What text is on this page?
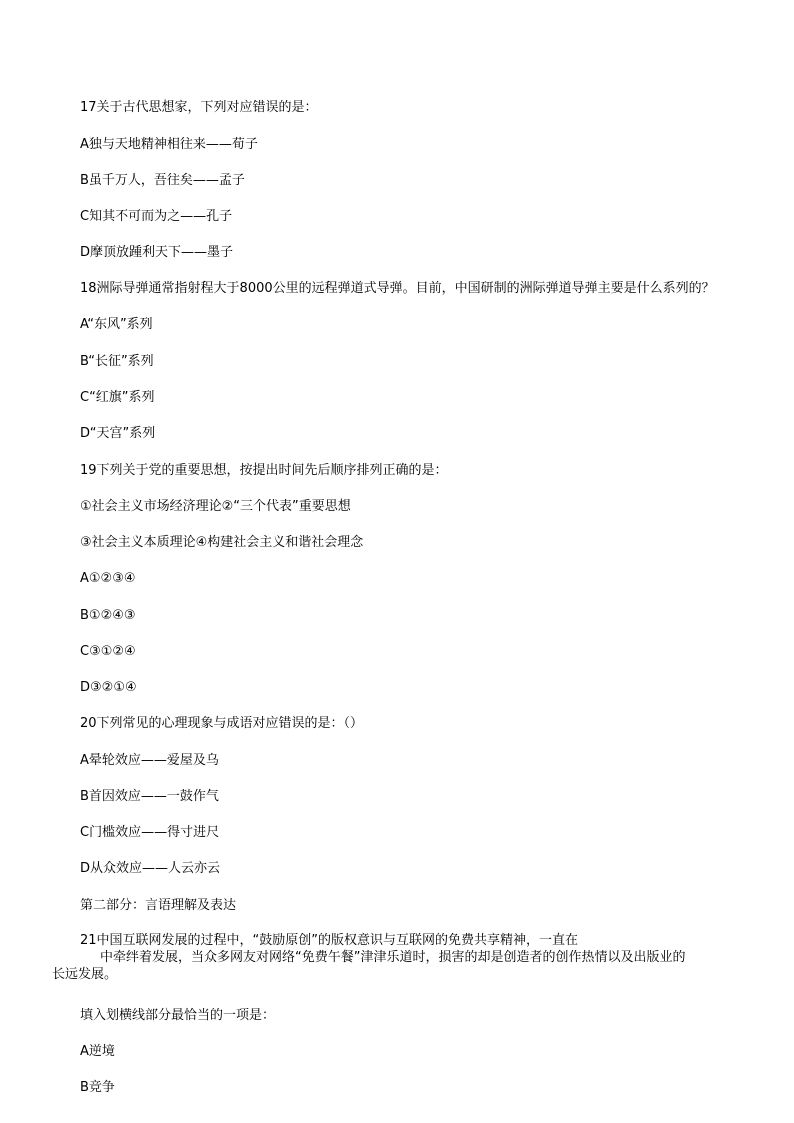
17关于古代思想家，下列对应错误的是：
A独与天地精神相往来——荀子
B虽千万人，吾往矣——孟子
C知其不可而为之——孔子
D摩顶放踵利天下——墨子
18洲际导弹通常指射程大于8000公里的远程弹道式导弹。目前，中国研制的洲际弹道导弹主要是什么系列的？
A“东风”系列
B“长征”系列
C“红旗”系列
D“天宫”系列
19下列关于党的重要思想，按提出时间先后顺序排列正确的是：
①社会主义市场经济理论②“三个代表”重要思想
③社会主义本质理论④构建社会主义和谐社会理念
A①②③④
B①②④③
C③①②④
D③②①④
20下列常见的心理现象与成语对应错误的是：（）
A晕轮效应——爱屋及乌
B首因效应——一鼓作气
C门槛效应——得寸进尺
D从众效应——人云亦云
第二部分：言语理解及表达
21中国互联网发展的过程中，“鼓励原创”的版权意识与互联网的免费共享精神，一直在
中牵绊着发展，当众多网友对网络“免费午餐”津津乐道时，损害的却是创造者的创作热情以及出版业的
长远发展。
填入划横线部分最恰当的一项是：
A逆境
B竞争
